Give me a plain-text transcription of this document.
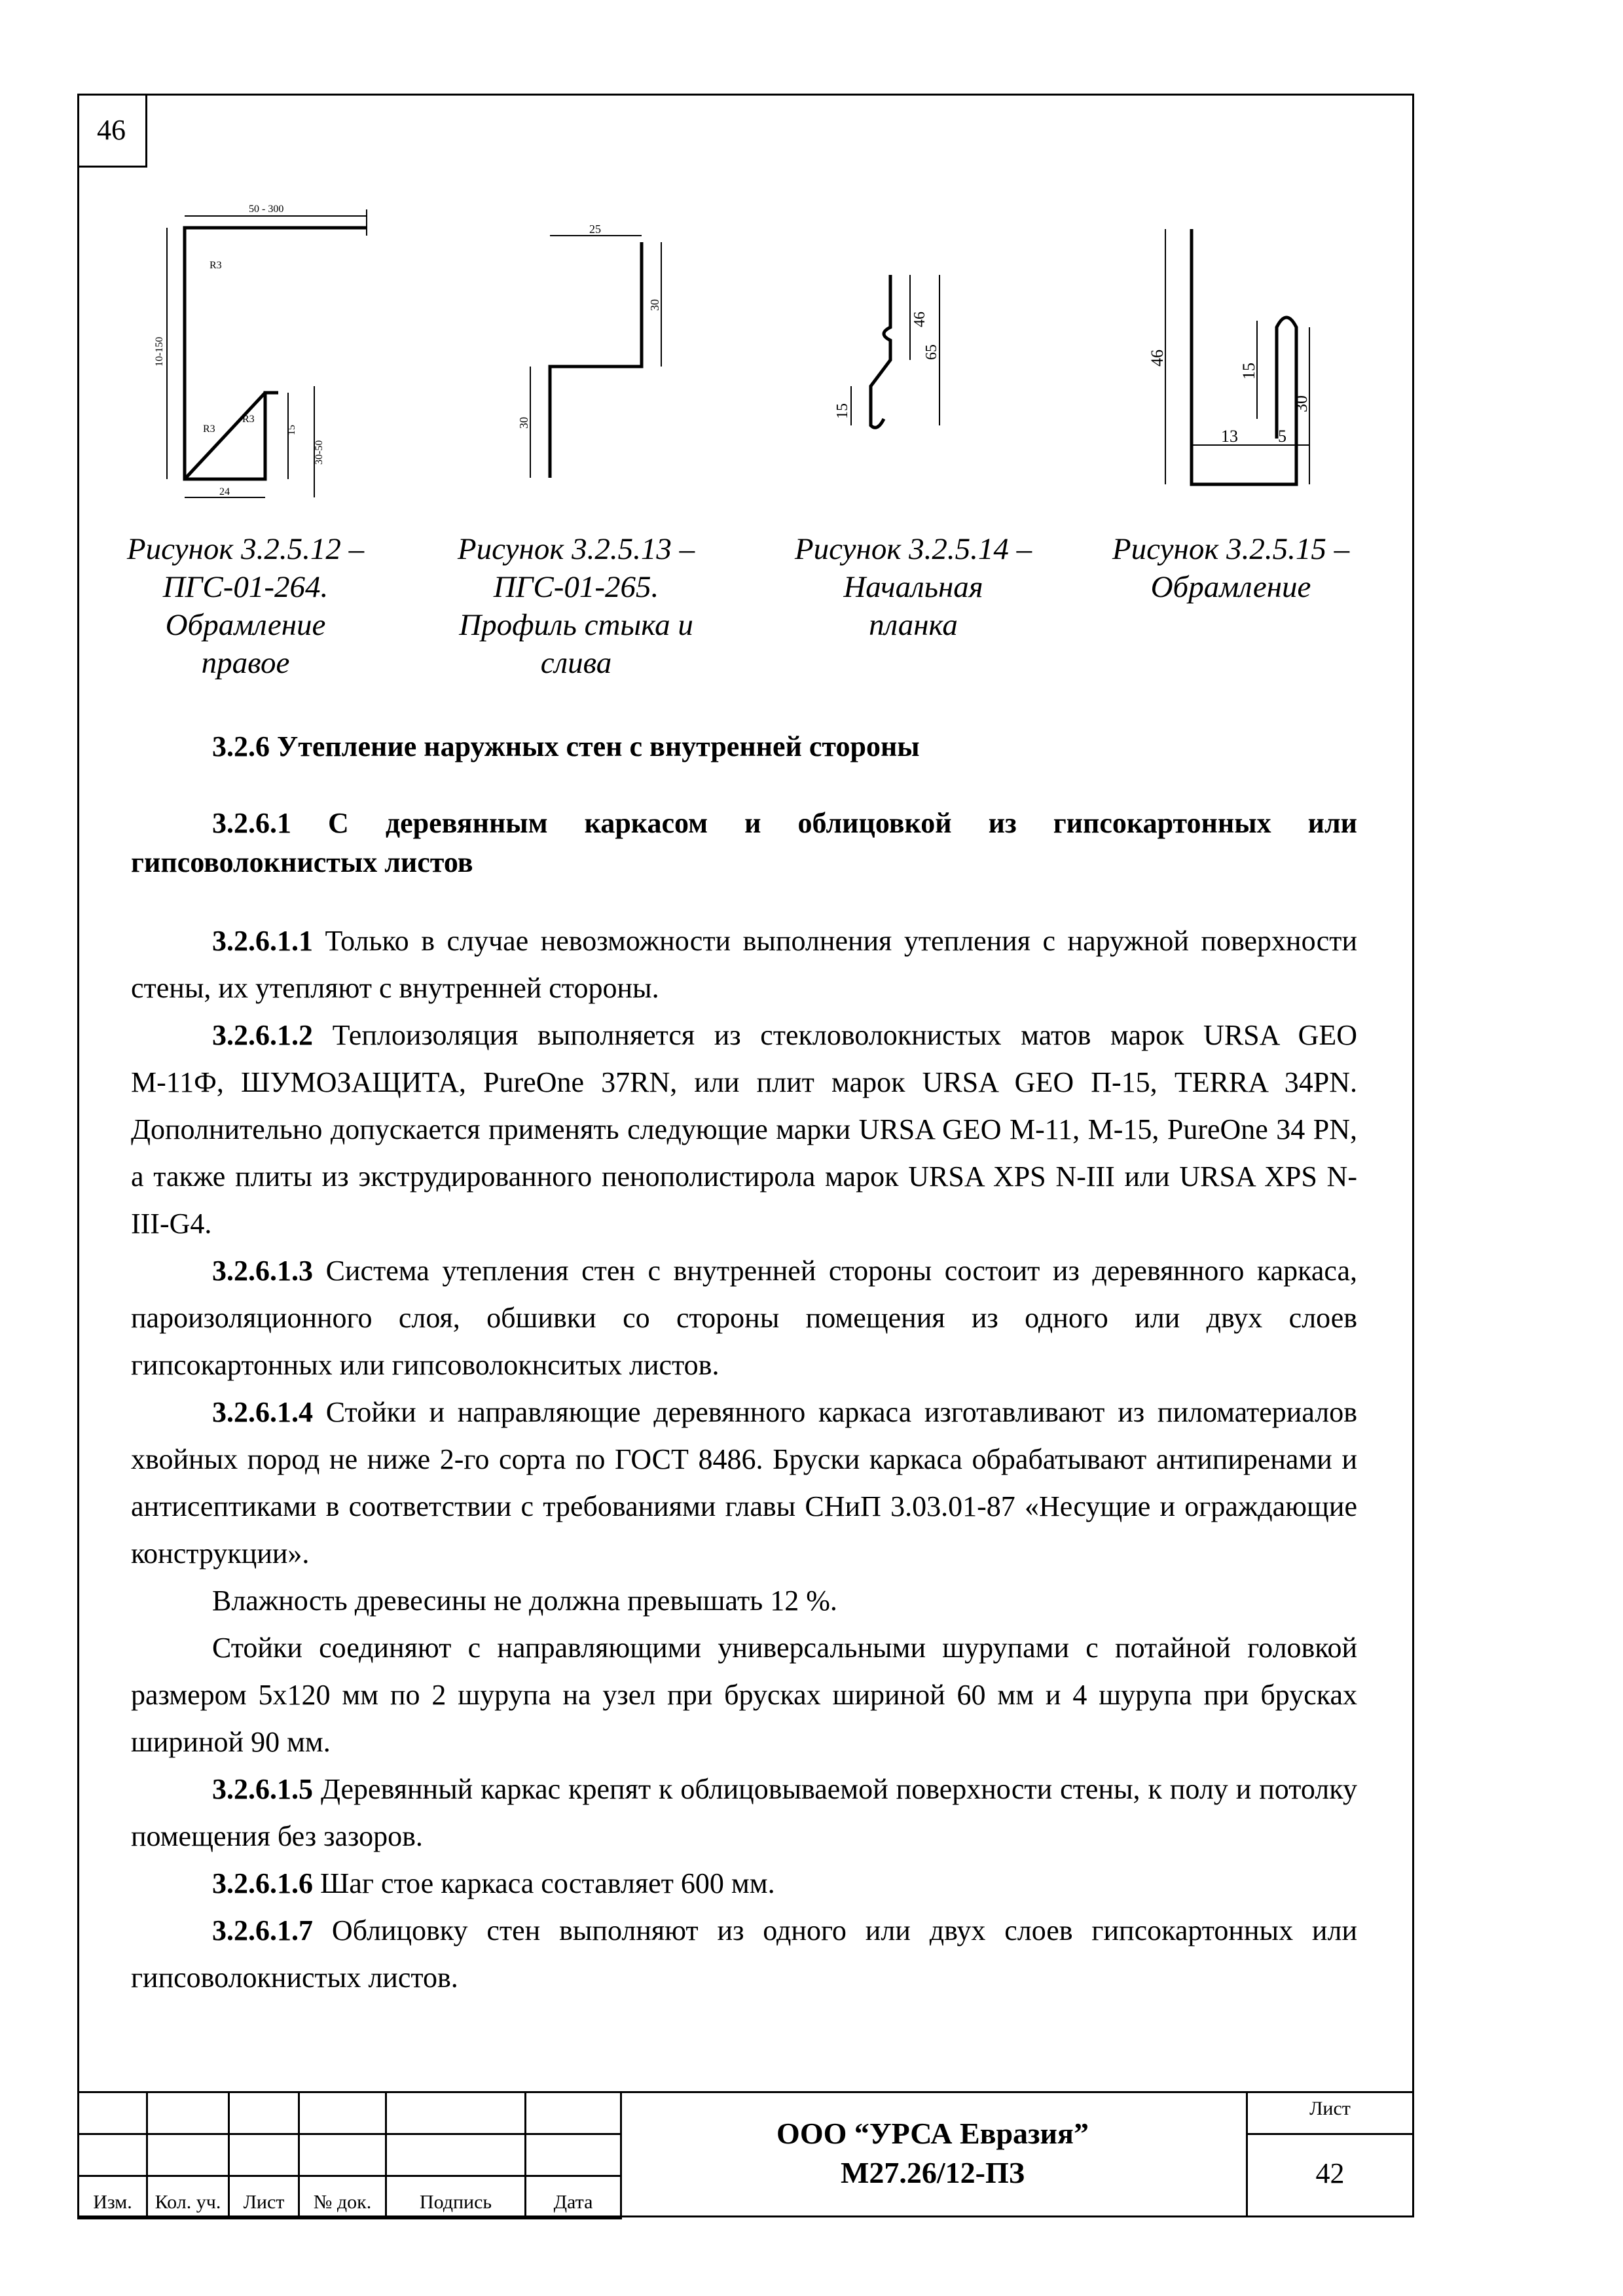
46
50 - 300
R3
10-150
R3
R3
15
30-50
24
25
30
30
46
65
15
46
15
30
13 5
Рисунок 3.2.5.12 –
ПГС-01-264.
Обрамление
правое
Рисунок 3.2.5.13 –
ПГС-01-265.
Профиль стыка и
слива
Рисунок 3.2.5.14 –
Начальная
планка
Рисунок 3.2.5.15 –
Обрамление
3.2.6 Утепление наружных стен с внутренней стороны
3.2.6.1 С деревянным каркасом и облицовкой из гипсокартонных или гипсоволокнистых листов
3.2.6.1.1 Только в случае невозможности выполнения утепления с наружной поверхности стены, их утепляют с внутренней стороны.
3.2.6.1.2 Теплоизоляция выполняется из стекловолокнистых матов марок URSA GEO М-11Ф, ШУМОЗАЩИТА, PureOne 37RN, или плит марок URSA GEO П-15, TERRA 34PN. Дополнительно допускается применять следующие марки URSA GEO М-11, М-15, PureOne 34 PN, а также плиты из экструдированного пенополистирола марок URSA XPS N-III или URSA XPS N-III-G4.
3.2.6.1.3 Система утепления стен с внутренней стороны состоит из деревянного каркаса, пароизоляционного слоя, обшивки со стороны помещения из одного или двух слоев гипсокартонных или гипсоволокнситых листов.
3.2.6.1.4 Стойки и направляющие деревянного каркаса изготавливают из пиломатериалов хвойных пород не ниже 2-го сорта по ГОСТ 8486. Бруски каркаса обрабатывают антипиренами и антисептиками в соответствии с требованиями главы СНиП 3.03.01-87 «Несущие и ограждающие конструкции».
Влажность древесины не должна превышать 12 %.
Стойки соединяют с направляющими универсальными шурупами с потайной головкой размером 5х120 мм по 2 шурупа на узел при брусках шириной 60 мм и 4 шурупа при брусках шириной 90 мм.
3.2.6.1.5 Деревянный каркас крепят к облицовываемой поверхности стены, к полу и потолку помещения без зазоров.
3.2.6.1.6 Шаг стое каркаса составляет 600 мм.
3.2.6.1.7 Облицовку стен выполняют из одного или двух слоев гипсокартонных или гипсоволокнистых листов.

Изм.	Кол. уч.	Лист	№ док.	Подпись	Дата
ООО “УРСА Евразия”
М27.26/12-ПЗ
Лист
42
